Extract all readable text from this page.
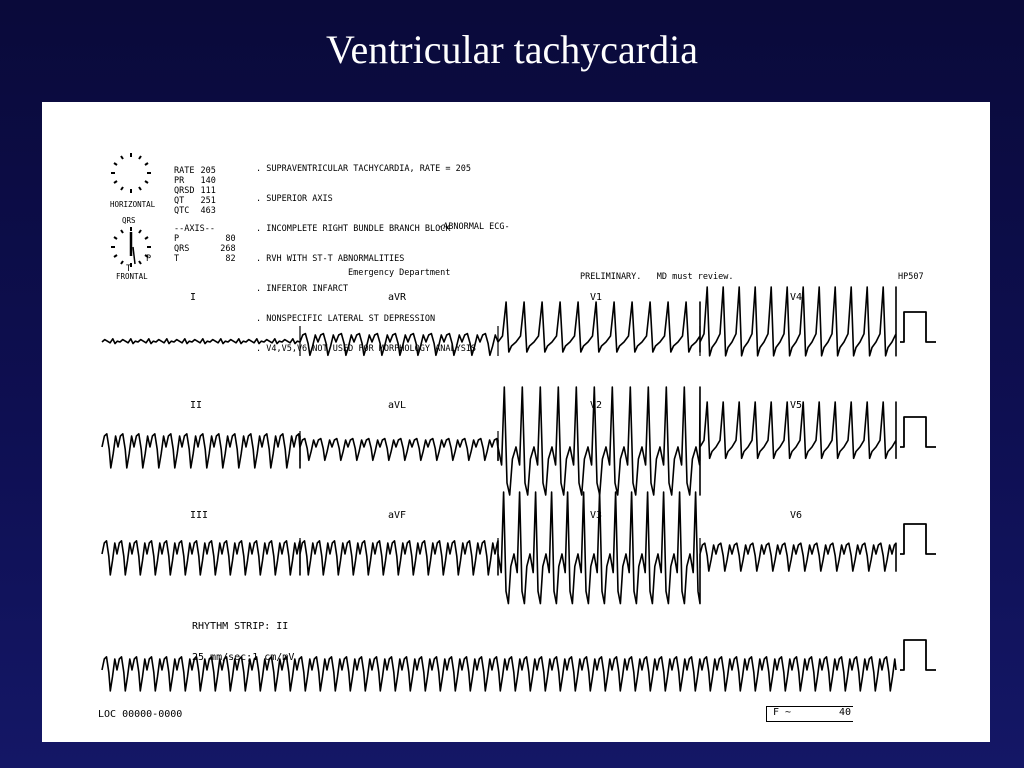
Ventricular tachycardia
HORIZONTAL
QRS
P
T
FRONTAL
RATE	205
PR	140
QRSD	111
QT	251
QTC	463
--AXIS--
P	80
QRS	268
T	82

. SUPRAVENTRICULAR TACHYCARDIA, RATE = 205

. SUPERIOR AXIS

. INCOMPLETE RIGHT BUNDLE BRANCH BLOCK

. RVH WITH ST-T ABNORMALITIES

. INFERIOR INFARCT

. NONSPECIFIC LATERAL ST DEPRESSION

. V4,V5,V6 NOT USED FOR MORPHOLOGY ANALYSIS

-ABNORMAL ECG-
Emergency Department	PRELIMINARY.   MD must review.	HP507
I	aVR	V1	V4
II	aVL	V2	V5
III	aVF	V3	V6

RHYTHM STRIP: II

25 mm/sec;1 cm/mV

LOC 00000-0000	F ~	40
